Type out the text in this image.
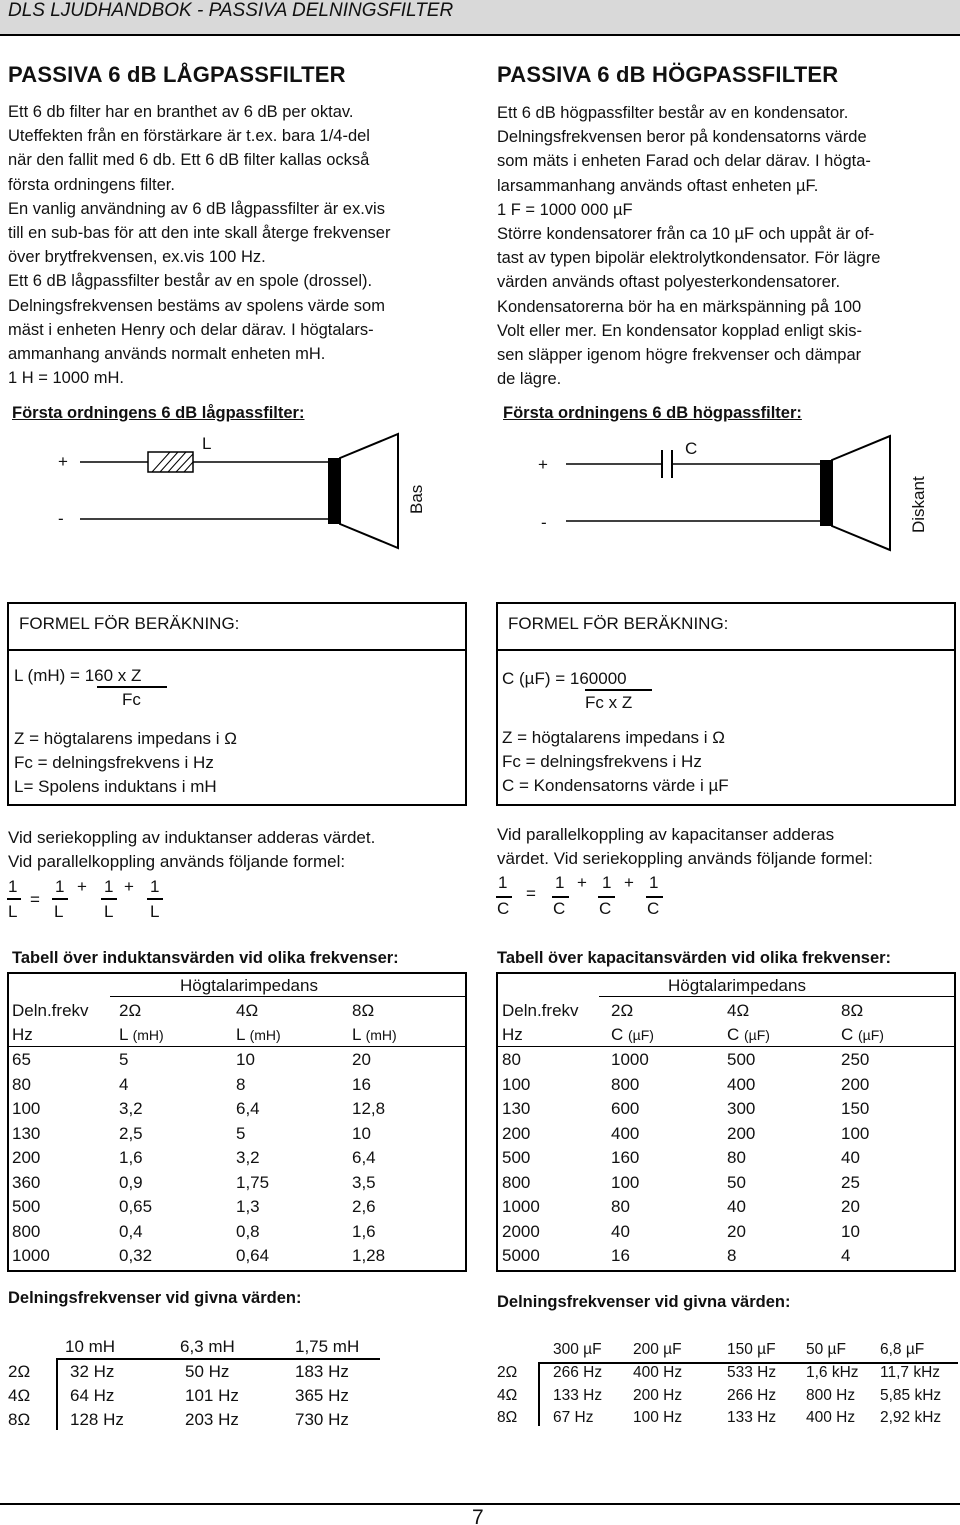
DLS LJUDHANDBOK - PASSIVA DELNINGSFILTER
PASSIVA 6 dB LÅGPASSFILTER

Ett 6 db filter har en branthet av 6 dB per oktav.

Uteffekten från en förstärkare är t.ex. bara 1/4-del

när den fallit med 6 db. Ett 6 dB filter kallas också

första ordningens filter.

En vanlig användning av 6 dB lågpassfilter är ex.vis

till en sub-bas för att den inte skall återge frekvenser

över brytfrekvensen, ex.vis 100 Hz.

Ett 6 dB lågpassfilter består av en spole (drossel).

Delningsfrekvensen bestäms av spolens värde som

mäst i enheten Henry och delar därav. I högtalars-

ammanhang används normalt enheten mH.

1 H = 1000 mH.

Första ordningens 6 dB lågpassfilter:
+
-
L
Bas
FORMEL FÖR BERÄKNING:
L (mH) = 160 x Z
Fc
Z = högtalarens impedans i Ω
Fc = delningsfrekvens i Hz
L= Spolens induktans i mH
Vid seriekoppling av induktanser adderas värdet.
Vid parallelkoppling används följande formel:
1
L
=
1
L
+ 1
L
+ 1
L
Tabell över induktansvärden vid olika frekvenser:
Högtalarimpedans
Deln.frekv 2Ω	4Ω	8Ω
Hz	L (mH)	L (mH)	L (mH)
65	5	10	20
80	4	8	16
100	3,2	6,4	12,8
130	2,5	5	10
200	1,6	3,2	6,4
360	0,9	1,75	3,5
500	0,65	1,3	2,6
800	0,4	0,8	1,6
1000	0,32	0,64	1,28
Delningsfrekvenser vid givna värden:
10 mH	6,3 mH	1,75 mH
2Ω 32 Hz	50 Hz	183 Hz
4Ω 64 Hz	101 Hz	365 Hz
8Ω 128 Hz	203 Hz	730 Hz
PASSIVA 6 dB HÖGPASSFILTER

Ett 6 dB högpassfilter består av en kondensator.

Delningsfrekvensen beror på kondensatorns värde

som mäts i enheten Farad och delar därav. I högta-

larsammanhang används oftast enheten µF.

1 F = 1000 000 µF

Större kondensatorer från ca 10 µF och uppåt är of-

tast av typen bipolär elektrolytkondensator. För lägre

värden används oftast polyesterkondensatorer.

Kondensatorerna bör ha en märkspänning på 100

Volt eller mer. En kondensator kopplad enligt skis-

sen släpper igenom högre frekvenser och dämpar

de lägre.

Första ordningens 6 dB högpassfilter:
+
-
C
Diskant
FORMEL FÖR BERÄKNING:
C (µF) = 160000
Fc x Z
Z = högtalarens impedans i Ω
Fc = delningsfrekvens i Hz
C = Kondensatorns värde i µF
Vid parallelkoppling av kapacitanser adderas
värdet. Vid seriekoppling används följande formel:
1
C
=
1
C
+ 1
C
+ 1
C
Tabell över kapacitansvärden vid olika frekvenser:
Högtalarimpedans
Deln.frekv 2Ω	4Ω	8Ω
Hz	C (µF)	C (µF)	C (µF)
80	1000	500	250
100	800	400	200
130	600	300	150
200	400	200	100
500	160	80	40
800	100	50	25
1000	80	40	20
2000	40	20	10
5000	16	8	4
Delningsfrekvenser vid givna värden:
300 µF 200 µF	150 µF 50 µF 6,8 µF
2Ω 266 Hz 400 Hz	533 Hz 1,6 kHz 11,7 kHz
4Ω 133 Hz 200 Hz	266 Hz 800 Hz 5,85 kHz
8Ω 67 Hz	100 Hz	133 Hz 400 Hz 2,92 kHz
7
